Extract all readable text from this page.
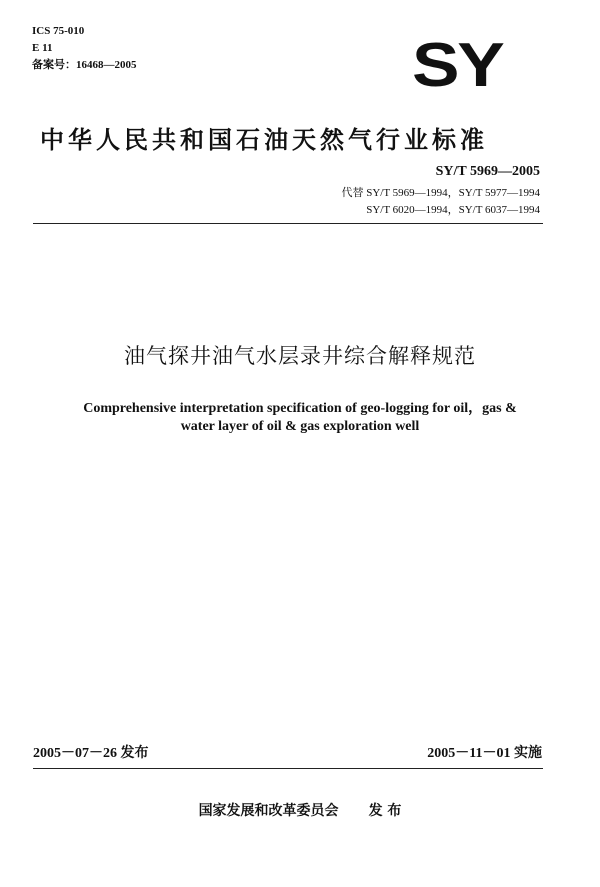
ICS 75-010
E 11
备案号：16468—2005	SY
中华人民共和国石油天然气行业标准
SY/T 5969—2005
代替 SY/T 5969—1994，SY/T 5977—1994
SY/T 6020—1994，SY/T 6037—1994
油气探井油气水层录井综合解释规范
Comprehensive interpretation specification of geo-logging for oil，gas &
water layer of oil & gas exploration well
2005－07－26 发布	2005－11－01 实施
国家发展和改革委员会 发 布
